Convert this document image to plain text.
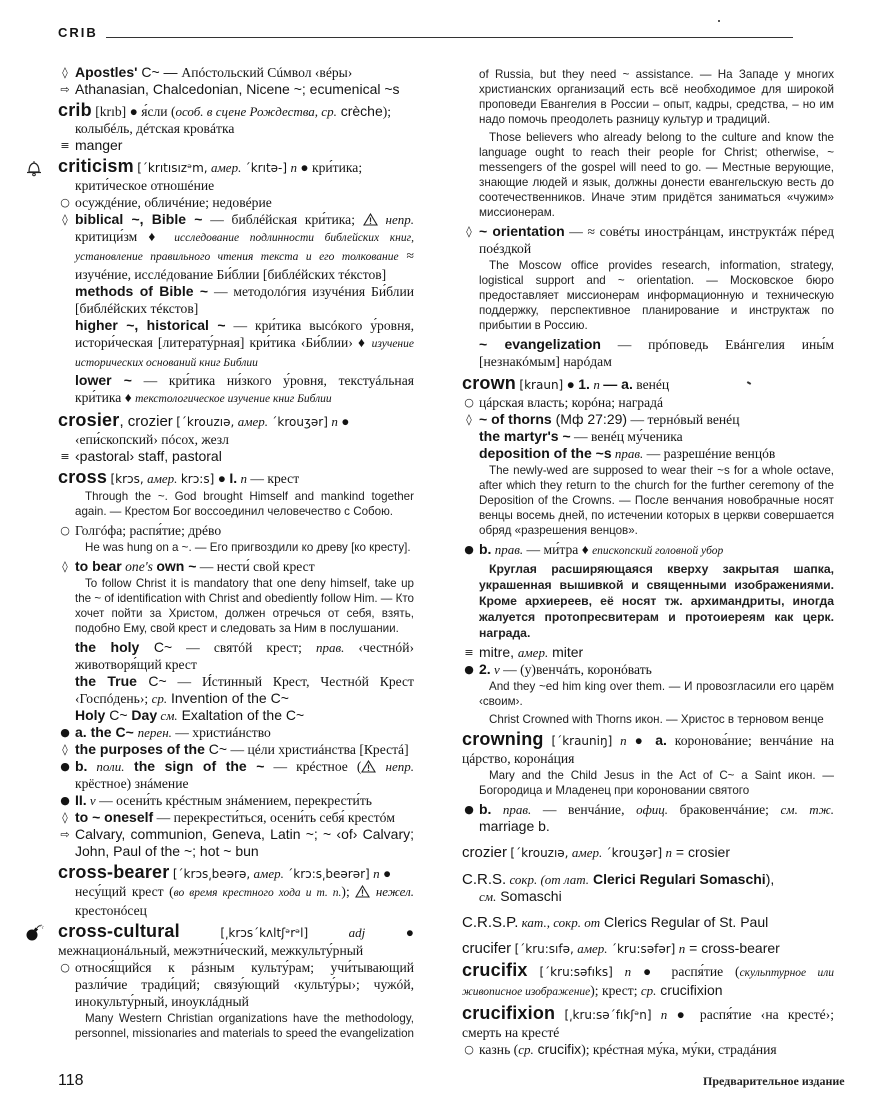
CRIB
◊ Apostles' C~ — Апóстольский Сúмвол ‹вéры›
⇨ Athanasian, Chalcedonian, Nicene ~; ecumenical ~s
crib [krıb] ● я́сли (особ. в сцене Рождества, ср. crèche);
колыбéль, дéтская кровáтка
≡ manger
criticism [´krıtısızᵊm, амер. ´krıtə-] n ● кри́тика;
крити́ческое отношéние
○ осуждéние, обличéние; недовéрие
◊ biblical ~, Bible ~ — библéйская кри́тика;  непр. критици́зм ♦ исследование подлинности библейских книг, установление правильного чтения текста и его толкование ≈ изучéние, исслéдование Би́блии [библéйских тéкстов]
methods of Bible ~ — методолóгия изучéния Би́блии [библéйских тéкстов]
higher ~, historical ~ — кри́тика высóкого у́ровня, истори́ческая [литерату́рная] кри́тика ‹Би́блии› ♦ изучение исторических оснований книг Библии
lower ~ — кри́тика ни́зкого у́ровня, текстуáльная кри́тика ♦ текстологическое изучение книг Библии
crosier, crozier [´krouzıə, амер. ´krouʒər] n ●
‹епи́скопский› пóсох, жезл
≡ ‹pastoral› staff, pastoral
cross [krɔs, амер. krɔ:s] ● I. n — крест
Through the ~. God brought Himself and mankind together again. — Крестом Бог воссоединил человечество с Собою.
○ Голгóфа; распя́тие; дрéво
He was hung on a ~. — Его пригвоздили ко древу [ко кресту].
◊ to bear one's own ~ — нести́ свой крест
To follow Christ it is mandatory that one deny himself, take up the ~ of identification with Christ and obediently follow Him. — Кто хочет пойти за Христом, должен отречься от себя, взять, подобно Ему, свой крест и следовать за Ним в послушании.
the holy C~ — святóй крест; прав. ‹честнóй› животворя́щий крест
the True C~ — И́стинный Крест, Честнóй Крест ‹Госпóдень›; ср. Invention of the C~
Holy C~ Day см. Exaltation of the C~
● a. the C~ перен. — христиáнство
◊ the purposes of the C~ — цéли христиáнства [Крестá]
● b. поли. the sign of the ~ — крéстное ( непр. крёстное) знáмение
● II. v — осени́ть крéстным знáмением, перекрести́ть
◊ to ~ oneself — перекрести́ться, осени́ть себя́ крестóм
⇨ Calvary, communion, Geneva, Latin ~; ~ ‹of› Calvary; John, Paul of the ~; hot ~ bun
cross-bearer [´krɔs͵beərə, амер. ´krɔ:s͵beərər] n ●
несу́щий крест (во время крестного хода и т. п.); нежел. крестонóсец
cross-cultural	[͵krɔs´kʌltʃᵊrᵊl]	adj	● межнационáльный, межэтни́ческий, межкульту́рный
○ относя́щийся к рáзным культу́рам; учи́тывающий разли́чие тради́ций; связу́ющий ‹культу́ры›; чужóй, инокульту́рный, иноуклáдный
Many Western Christian organizations have the methodology, personnel, missionaries and materials to speed the evangelization
of Russia, but they need ~ assistance. — На Западе у многих христианских организаций есть всё необходимое для широкой проповеди Евангелия в России – опыт, кадры, средства, – но им надо помочь преодолеть разницу культур и традиций.
Those believers who already belong to the culture and know the language ought to reach their people for Christ; otherwise, ~ messengers of the gospel will need to go. — Местные верующие, знающие людей и язык, должны донести евангельскую весть до соотечественников. Иначе этим придётся заниматься «чужим» миссионерам.
◊ ~ orientation — ≈ совéты инострáнцам, инструктáж пéред поéздкой
The Moscow office provides research, information, strategy, logistical support and ~ orientation. — Московское бюро предоставляет миссионерам информационную и техническую поддержку, перспективное планирование и инструктаж по прибытии в Россию.
~ evangelization — прóповедь Евáнгелия ины́м [незнакóмым] нарóдам
crown [kraun] ● 1. n — a. венéц
○ цáрская власть; корóна; наградá
◊ ~ of thorns (Мф 27:29) — тернóвый венéц
the martyr's ~ — венéц му́ченика
deposition of the ~s прав. — разрешéние венцóв
The newly-wed are supposed to wear their ~s for a whole octave, after which they return to the church for the further ceremony of the Deposition of the Crowns. — После венчания новобрачные носят венцы восемь дней, по истечении которых в церкви совершается обряд «разрешения венцов».
● b. прав. — ми́тра ♦ епископский головной убор
Круглая расширяющаяся кверху закрытая шапка, украшенная вышивкой и священными изображениями. Кроме архиереев, её носят тж. архимандриты, иногда жалуется протопресвитерам и протоиереям как церк. награда.
≡ mitre, амер. miter
● 2. v — (у)венчáть, коронóвать
And they ~ed him king over them. — И провозгласили его царём ‹своим›.
Christ Crowned with Thorns икон. — Христос в терновом венце
crowning [´krauniŋ] n ● a. коронова́ние; венчáние на цáрство, коронáция
Mary and the Child Jesus in the Act of C~ a Saint икон. — Богородица и Младенец при короновании святого
● b. прав. — венчáние, офиц. браковенчáние; см. тж. marriage b.
crozier [´krouzıə, амер. ´krouʒər] n = crosier
C.R.S. сокр. (от лат. Clerici Regulari Somaschi),
см. Somaschi
C.R.S.P. кат., сокр. от Clerics Regular of St. Paul
crucifer [´kru:sıfə, амер. ´kru:səfər] n = cross-bearer
crucifix [´kru:səfıks] n ● распя́тие (скульптурное или живописное изображение); крест; ср. crucifixion
crucifixion [͵kru:sə´fıkʃᵊn] n ● распя́тие ‹на крестé›; смерть на крестé
○ казнь (ср. crucifix); крéстная му́ка, му́ки, страдáния
118	Предварительное издание
